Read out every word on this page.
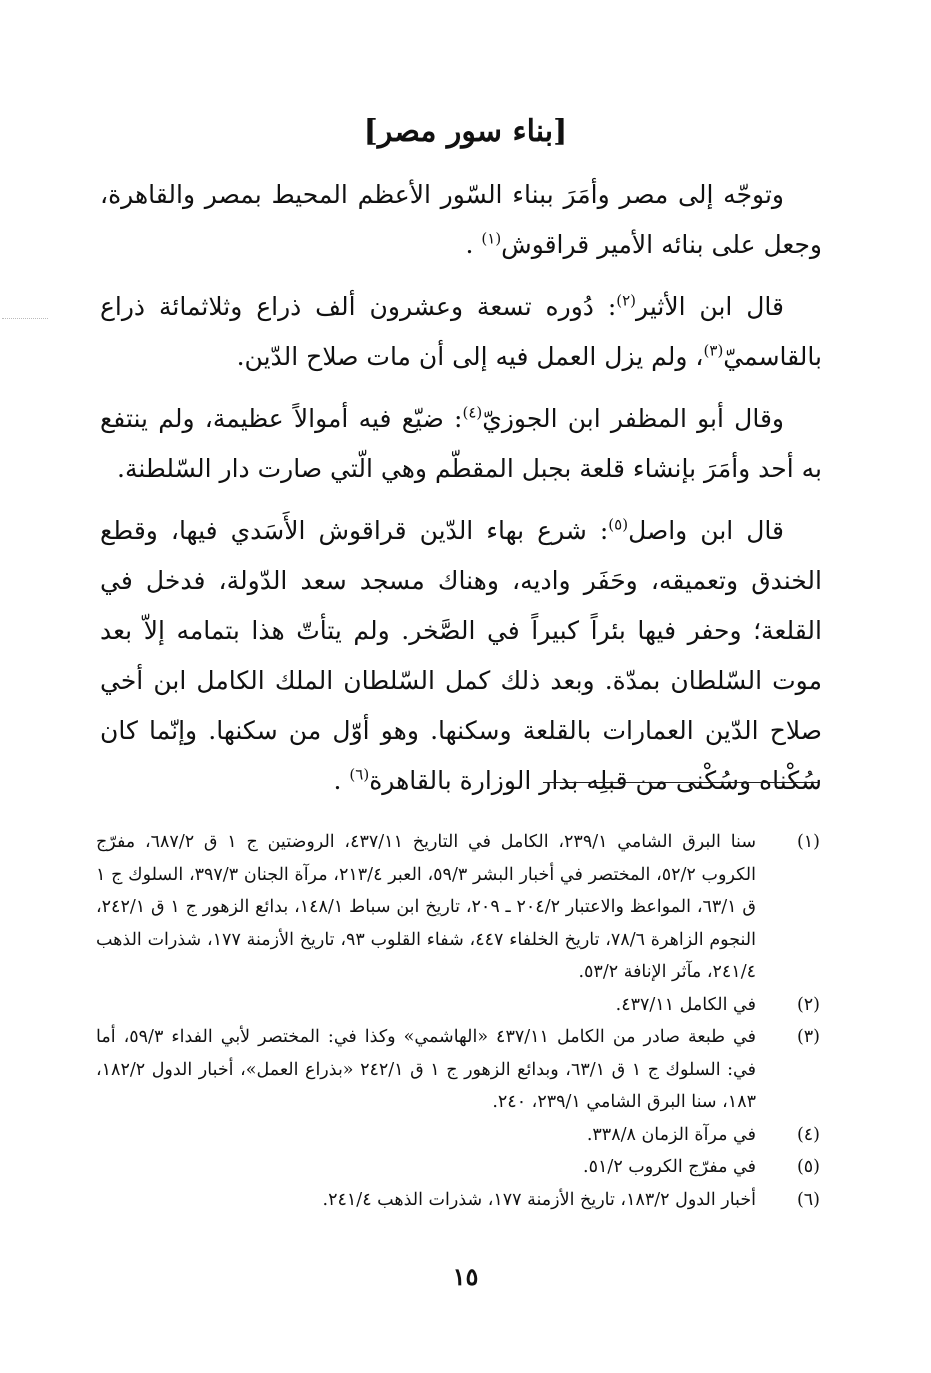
[بناء سور مصر]

وتوجّه إلى مصر وأمَرَ ببناء السّور الأعظم المحيط بمصر والقاهرة، وجعل على بنائه الأمير قراقوش$^{(١)}$ .

قال ابن الأثير$^{(٢)}$: دُوره تسعة وعشرون ألف ذراع وثلاثمائة ذراع بالقاسميّ$^{(٣)}$، ولم يزل العمل فيه إلى أن مات صلاح الدّين.

وقال أبو المظفر ابن الجوزيّ$^{(٤)}$: ضيّع فيه أموالاً عظيمة، ولم ينتفع به أحد وأمَرَ بإنشاء قلعة بجبل المقطّم وهي الّتي صارت دار السّلطنة.

قال ابن واصل$^{(٥)}$: شرع بهاء الدّين قراقوش الأَسَدي فيها، وقطع الخندق وتعميقه، وحَفَر واديه، وهناك مسجد سعد الدّولة، فدخل في القلعة؛ وحفر فيها بئراً كبيراً في الصَّخر. ولم يتأتّ هذا بتمامه إلاّ بعد موت السّلطان بمدّة. وبعد ذلك كمل السّلطان الملك الكامل ابن أخي صلاح الدّين العمارات بالقلعة وسكنها. وهو أوّل من سكنها. وإنّما كان سُكْناه وسُكْنى من قبلِه بدار الوزارة بالقاهرة$^{(٦)}$ .

(١)
سنا البرق الشامي ٢٣٩/١، الكامل في التاريخ ٤٣٧/١١، الروضتين ج ١ ق ٦٨٧/٢، مفرّج الكروب ٥٢/٢، المختصر في أخبار البشر ٥٩/٣، العبر ٢١٣/٤، مرآة الجنان ٣٩٧/٣، السلوك ج ١ ق ٦٣/١، المواعظ والاعتبار ٢٠٤/٢ ـ ٢٠٩، تاريخ ابن سباط ١٤٨/١، بدائع الزهور ج ١ ق ٢٤٢/١، النجوم الزاهرة ٧٨/٦، تاريخ الخلفاء ٤٤٧، شفاء القلوب ٩٣، تاريخ الأزمنة ١٧٧، شذرات الذهب ٢٤١/٤، مآثر الإنافة ٥٣/٢.
(٢)
في الكامل ٤٣٧/١١.
(٣)
في طبعة صادر من الكامل ٤٣٧/١١ «الهاشمي» وكذا في: المختصر لأبي الفداء ٥٩/٣، أما في: السلوك ج ١ ق ٦٣/١، وبدائع الزهور ج ١ ق ٢٤٢/١ «بذراع العمل»، أخبار الدول ١٨٢/٢، ١٨٣، سنا البرق الشامي ٢٣٩/١، ٢٤٠.
(٤)
في مرآة الزمان ٣٣٨/٨.
(٥)
في مفرّج الكروب ٥١/٢.
(٦)
أخبار الدول ١٨٣/٢، تاريخ الأزمنة ١٧٧، شذرات الذهب ٢٤١/٤.
١٥
